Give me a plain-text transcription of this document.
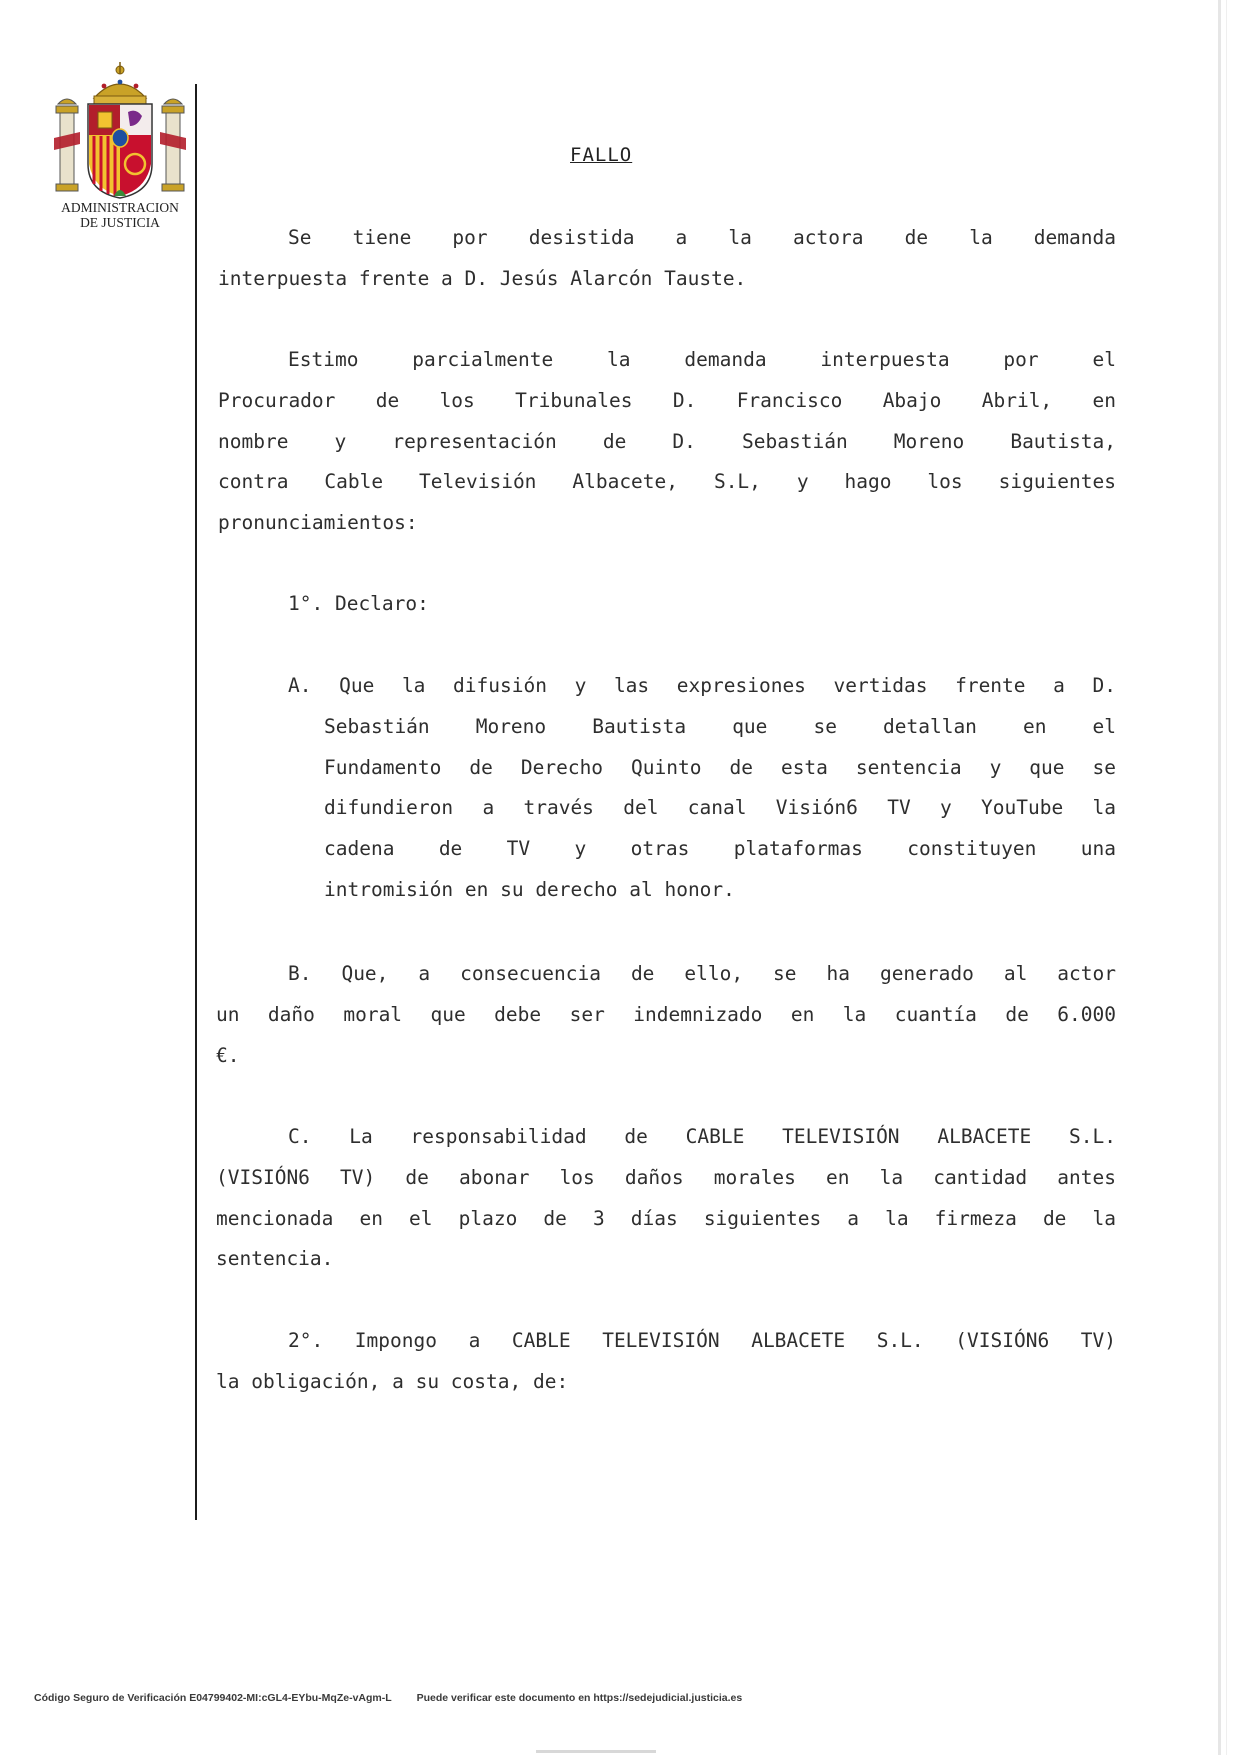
ADMINISTRACION
DE JUSTICIA
FALLO
Se tiene por desistida a la actora de la demanda
interpuesta frente a D. Jesús Alarcón Tauste.
Estimo parcialmente la demanda interpuesta por el
Procurador de los Tribunales D. Francisco Abajo Abril, en
nombre y representación de D. Sebastián Moreno Bautista,
contra Cable Televisión Albacete, S.L, y hago los siguientes
pronunciamientos:
1°. Declaro:
A. Que la difusión y las expresiones vertidas frente a D.
Sebastián Moreno Bautista que se detallan en el
Fundamento de Derecho Quinto de esta sentencia y que se
difundieron a través del canal Visión6 TV y YouTube la
cadena de TV y otras plataformas constituyen una
intromisión en su derecho al honor.
B. Que, a consecuencia de ello, se ha generado al actor
un daño moral que debe ser indemnizado en la cuantía de 6.000
€.
C. La responsabilidad de CABLE TELEVISIÓN ALBACETE S.L.
(VISIÓN6 TV) de abonar los daños morales en la cantidad antes
mencionada en el plazo de 3 días siguientes a la firmeza de la
sentencia.
2°. Impongo a CABLE TELEVISIÓN ALBACETE S.L. (VISIÓN6 TV)
la obligación, a su costa, de:
Código Seguro de Verificación E04799402-MI:cGL4-EYbu-MqZe-vAgm-L Puede verificar este documento en https://sedejudicial.justicia.es
